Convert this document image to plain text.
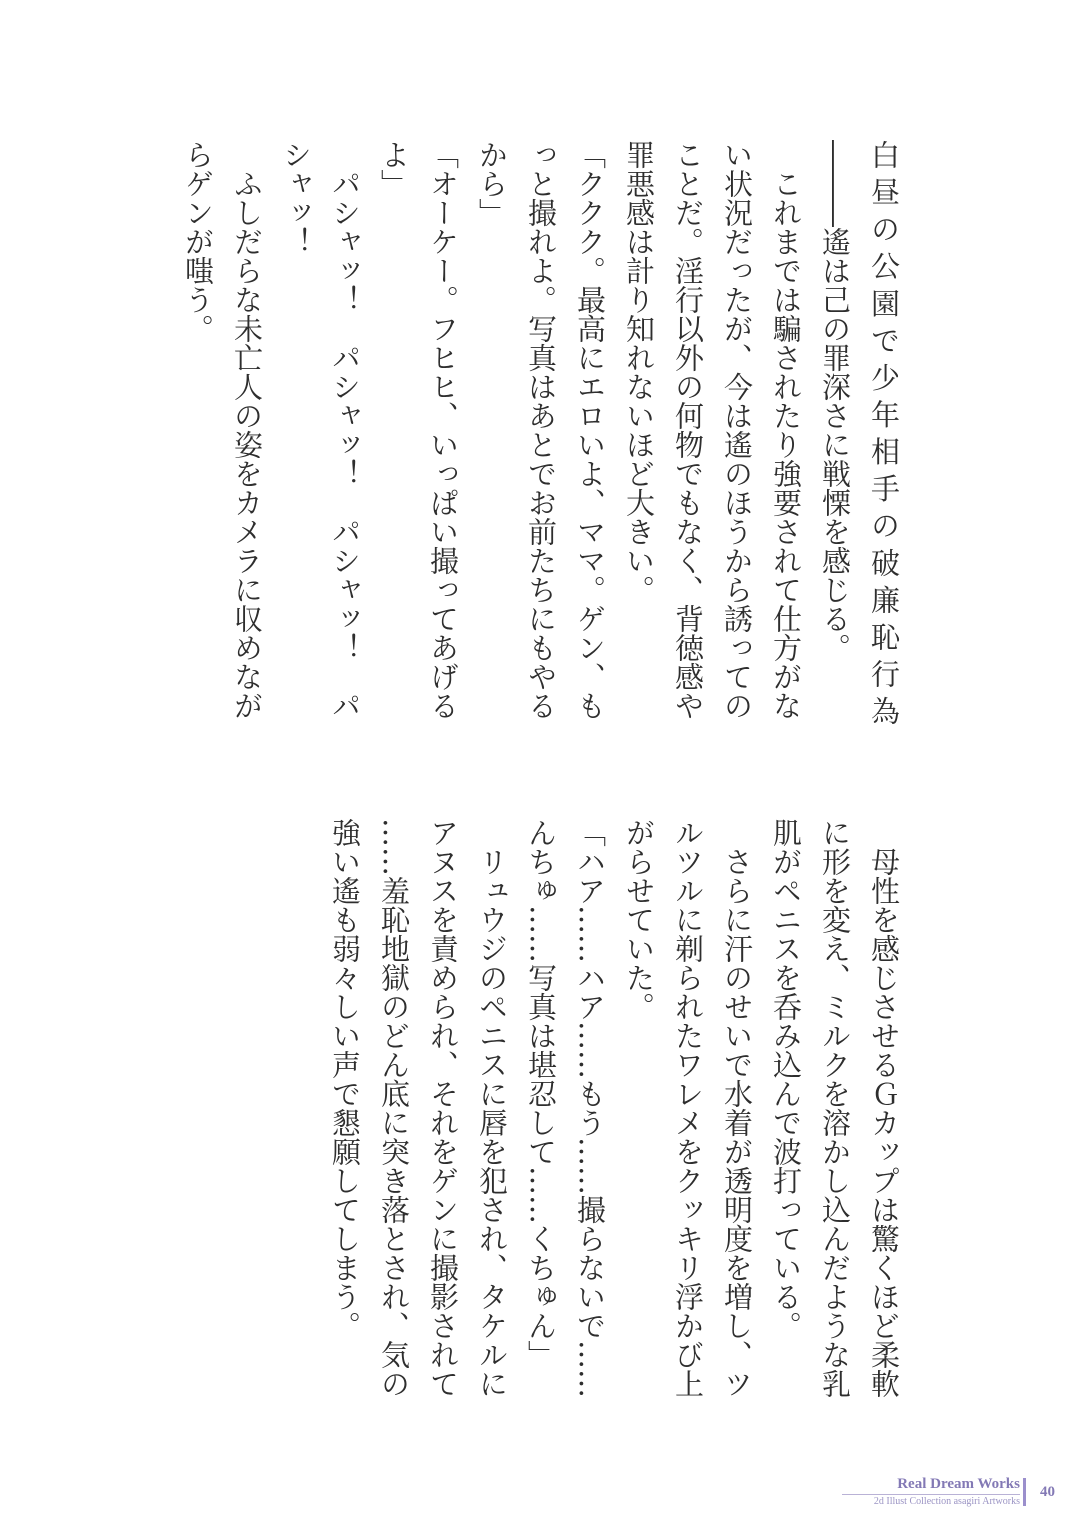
白昼の公園で少年相手の破廉恥行為
―――遙は己の罪深さに戦慄を感じる。
　これまでは騙されたり強要されて仕方がな
い状況だったが、今は遙のほうから誘っての
ことだ。淫行以外の何物でもなく、背徳感や
罪悪感は計り知れないほど大きい。
「ククク。最高にエロいよ、ママ。ゲン、も
っと撮れよ。写真はあとでお前たちにもやる
から」
「オーケー。フヒヒ、いっぱい撮ってあげる
よ」
　パシャッ！　パシャッ！　パシャッ！　パ
シャッ！
　ふしだらな未亡人の姿をカメラに収めなが
らゲンが嗤う。
　母性を感じさせるＧカップは驚くほど柔軟
に形を変え、ミルクを溶かし込んだような乳
肌がペニスを呑み込んで波打っている。
　さらに汗のせいで水着が透明度を増し、ツ
ルツルに剃られたワレメをクッキリ浮かび上
がらせていた。
「ハア……ハア……もう……撮らないで……
んちゅ……写真は堪忍して……くちゅん」
　リュウジのペニスに唇を犯され、タケルに
アヌスを責められ、それをゲンに撮影されて
……羞恥地獄のどん底に突き落とされ、気の
強い遙も弱々しい声で懇願してしまう。
Real Dream Works
2d Illust Collection asagiri Artworks
40
